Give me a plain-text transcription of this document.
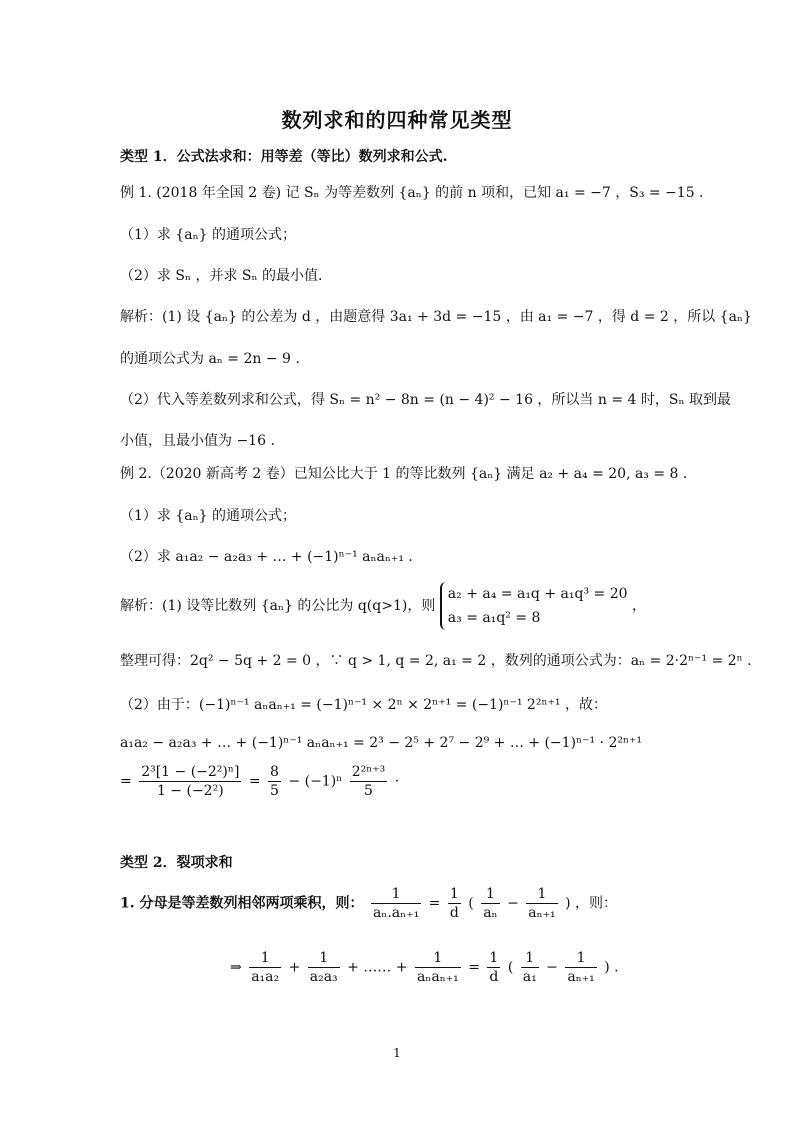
数列求和的四种常见类型
类型 1．公式法求和：用等差（等比）数列求和公式.
例 1. (2018 年全国 2 卷) 记 Sₙ 为等差数列 {aₙ} 的前 n 项和，已知 a₁ = −7 ，S₃ = −15 .
（1）求 {aₙ} 的通项公式；
（2）求 Sₙ ，并求 Sₙ 的最小值.
解析：(1) 设 {aₙ} 的公差为 d ，由题意得 3a₁ + 3d = −15 ，由 a₁ = −7 ，得 d = 2 ，所以 {aₙ}
的通项公式为 aₙ = 2n − 9 .
（2）代入等差数列求和公式，得 Sₙ = n² − 8n = (n − 4)² − 16 ，所以当 n = 4 时，Sₙ 取到最
小值，且最小值为 −16 .
例 2.（2020 新高考 2 卷）已知公比大于 1 的等比数列 {aₙ} 满足 a₂ + a₄ = 20, a₃ = 8 .
（1）求 {aₙ} 的通项公式；
（2）求 a₁a₂ − a₂a₃ + … + (−1)ⁿ⁻¹ aₙaₙ₊₁ .
解析：(1) 设等比数列 {aₙ} 的公比为 q(q>1)，则
a₂ + a₄ = a₁q + a₁q³ = 20
a₃ = a₁q² = 8
，
整理可得：2q² − 5q + 2 = 0 ，∵ q > 1, q = 2, a₁ = 2 ，数列的通项公式为：aₙ = 2·2ⁿ⁻¹ = 2ⁿ .
（2）由于：(−1)ⁿ⁻¹ aₙaₙ₊₁ = (−1)ⁿ⁻¹ × 2ⁿ × 2ⁿ⁺¹ = (−1)ⁿ⁻¹ 2²ⁿ⁺¹ ，故：
a₁a₂ − a₂a₃ + … + (−1)ⁿ⁻¹ aₙaₙ₊₁ = 2³ − 2⁵ + 2⁷ − 2⁹ + … + (−1)ⁿ⁻¹ · 2²ⁿ⁺¹
= $\frac{\text{2³[1 − (−2²)ⁿ]}}{\text{1 − (−2²)}} = \frac{8}{5} - (-1)^n \frac{\text{2²ⁿ⁺³}}{5}$ ·
类型 2．裂项求和
1. 分母是等差数列相邻两项乘积，则： $\frac{1}{\text{aₙ.aₙ₊₁}} = \frac{1}{d}$ ( $\frac{1}{\text{aₙ}} - \frac{1}{\text{aₙ₊₁}}$ ) ，则：
⇒ $\frac{1}{\text{a₁a₂}} + \frac{1}{\text{a₂a₃}}$ + …… + $\frac{1}{\text{aₙaₙ₊₁}} = \frac{1}{d}$ ( $\frac{1}{\text{a₁}} - \frac{1}{\text{aₙ₊₁}}$ ) .
1
